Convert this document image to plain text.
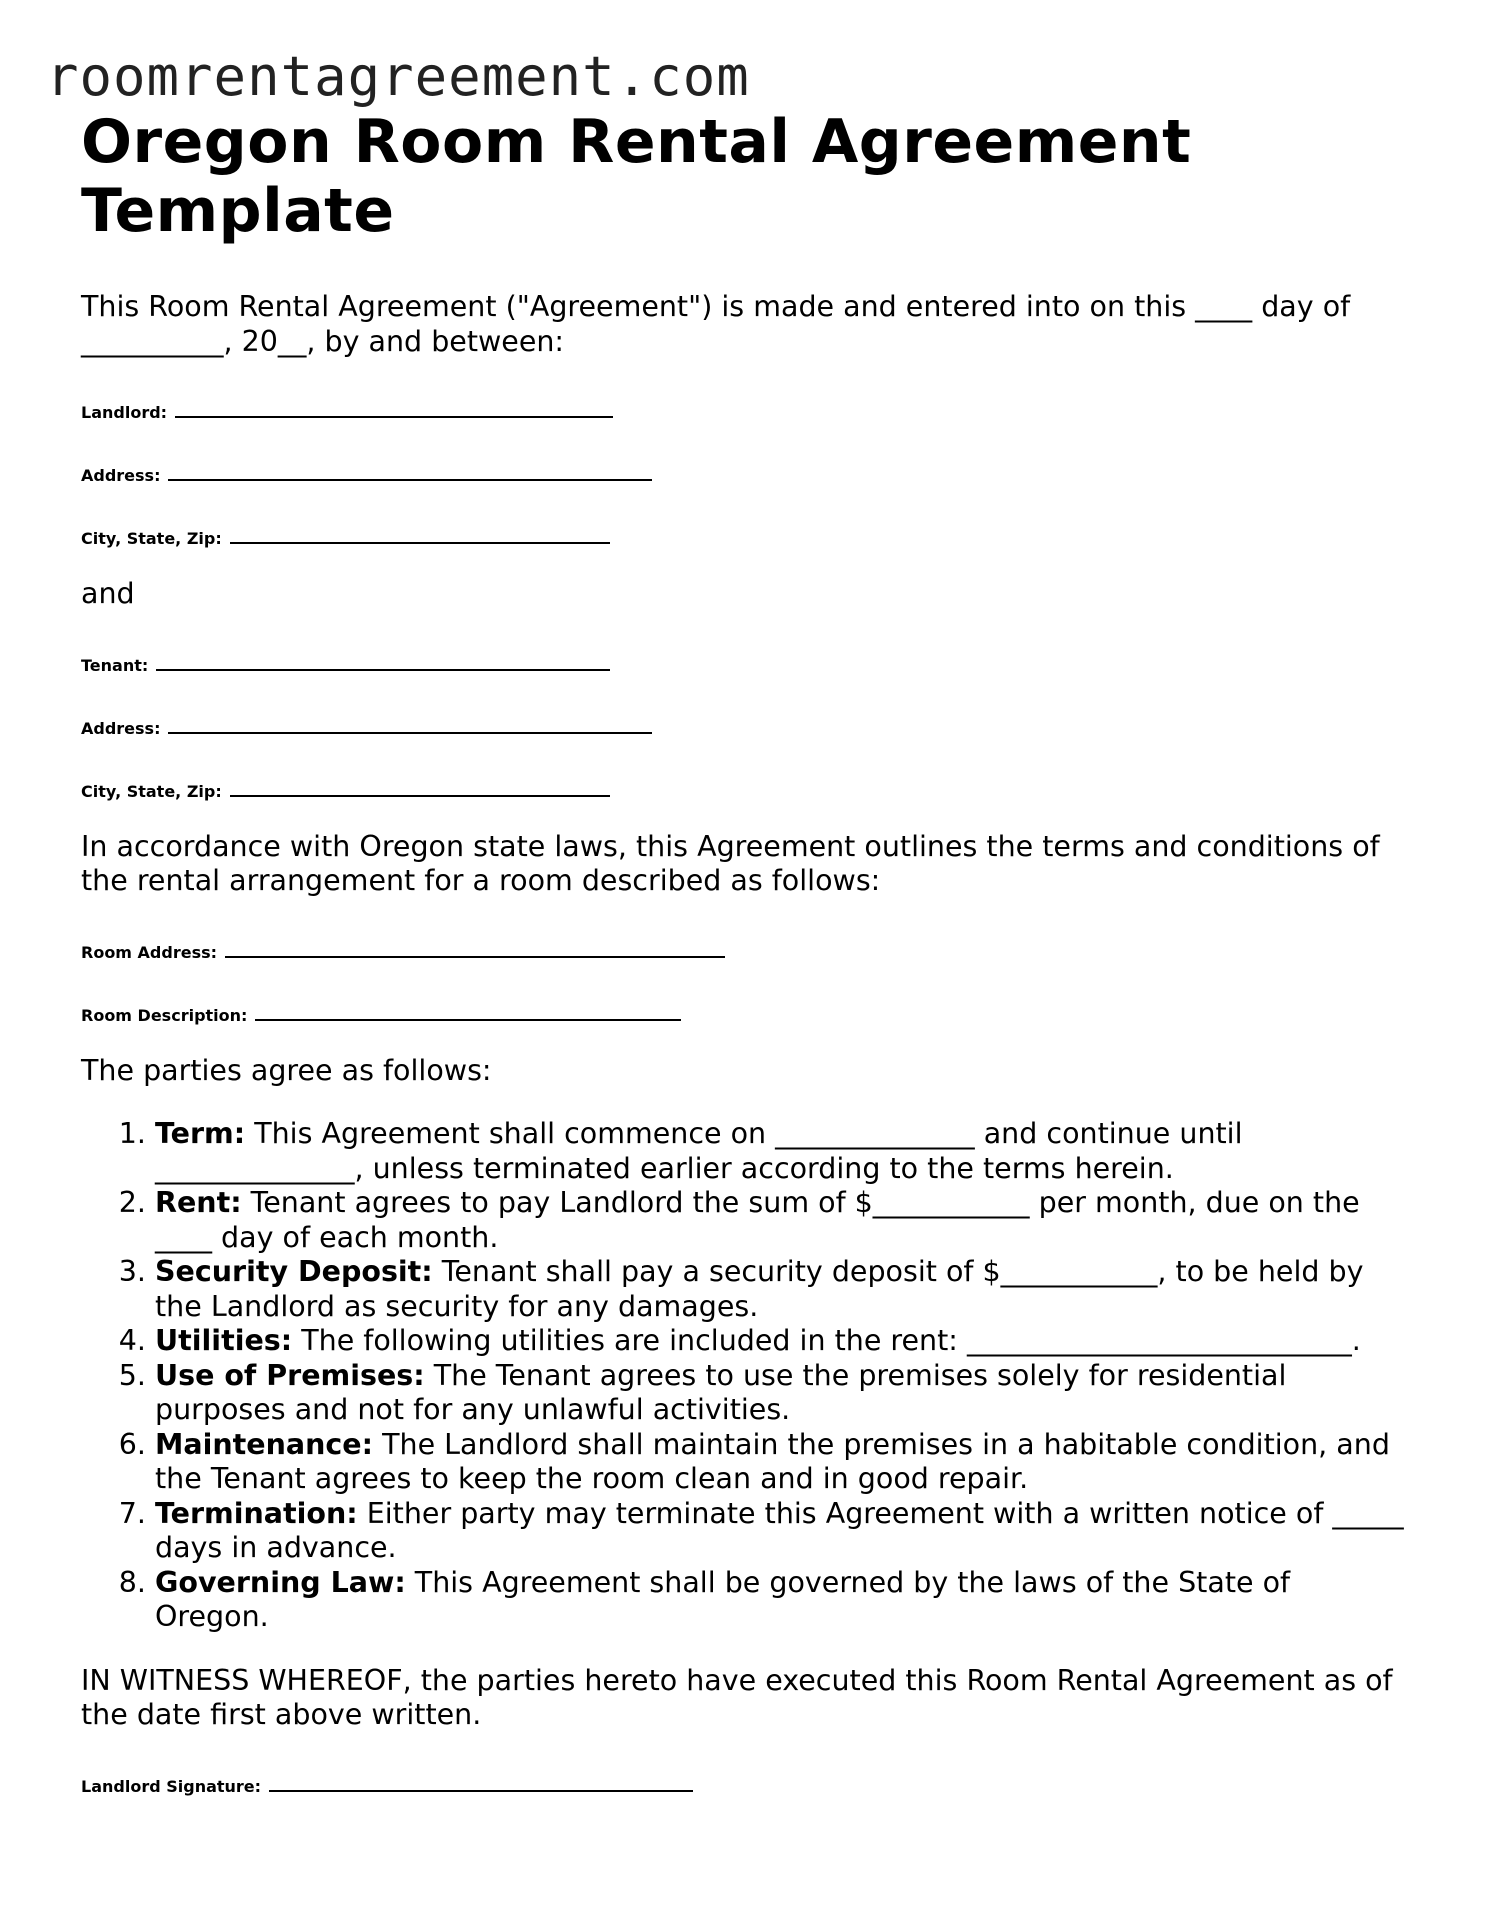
roomrentagreement.com
Oregon Room Rental Agreement Template

This Room Rental Agreement ("Agreement") is made and entered into on this ____ day of __________, 20__, by and between:

Landlord:
Address:
City, State, Zip:

and

Tenant:
Address:
City, State, Zip:

In accordance with Oregon state laws, this Agreement outlines the terms and conditions of the rental arrangement for a room described as follows:

Room Address:
Room Description:

The parties agree as follows:

1. Term: This Agreement shall commence on ______________ and continue until ______________, unless terminated earlier according to the terms herein.
2. Rent: Tenant agrees to pay Landlord the sum of $___________ per month, due on the ____ day of each month.
3. Security Deposit: Tenant shall pay a security deposit of $___________, to be held by the Landlord as security for any damages.
4. Utilities: The following utilities are included in the rent: ___________________________.
5. Use of Premises: The Tenant agrees to use the premises solely for residential purposes and not for any unlawful activities.
6. Maintenance: The Landlord shall maintain the premises in a habitable condition, and the Tenant agrees to keep the room clean and in good repair.
7. Termination: Either party may terminate this Agreement with a written notice of _____ days in advance.
8. Governing Law: This Agreement shall be governed by the laws of the State of Oregon.

IN WITNESS WHEREOF, the parties hereto have executed this Room Rental Agreement as of the date first above written.

Landlord Signature:
